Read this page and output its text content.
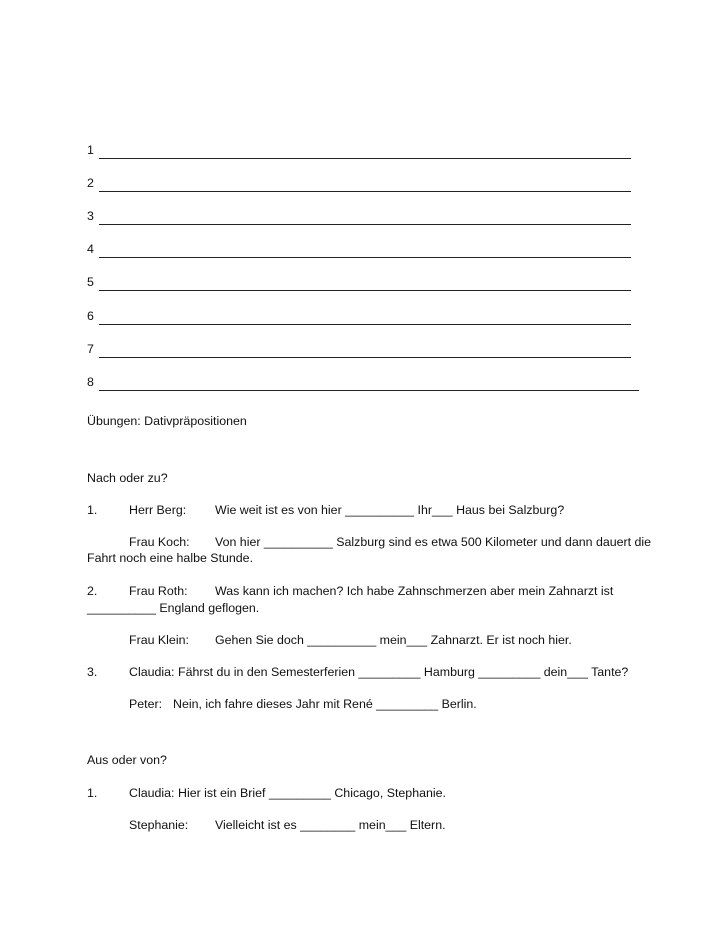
1
2
3
4
5
6
7
8
Übungen: Dativpräpositionen
Nach oder zu?
1.	Herr Berg: Wie weit ist es von hier __________ Ihr___ Haus bei Salzburg?
Frau Koch: Von hier __________ Salzburg sind es etwa 500 Kilometer und dann dauert die
Fahrt noch eine halbe Stunde.
2.	Frau Roth: Was kann ich machen? Ich habe Zahnschmerzen aber mein Zahnarzt ist
__________ England geflogen.
Frau Klein: Gehen Sie doch __________ mein___ Zahnarzt. Er ist noch hier.
3.	Claudia: Fährst du in den Semesterferien _________ Hamburg _________ dein___ Tante?
Peter: Nein, ich fahre dieses Jahr mit René _________ Berlin.
Aus oder von?
1.	Claudia: Hier ist ein Brief _________ Chicago, Stephanie.
Stephanie: Vielleicht ist es ________ mein___ Eltern.
